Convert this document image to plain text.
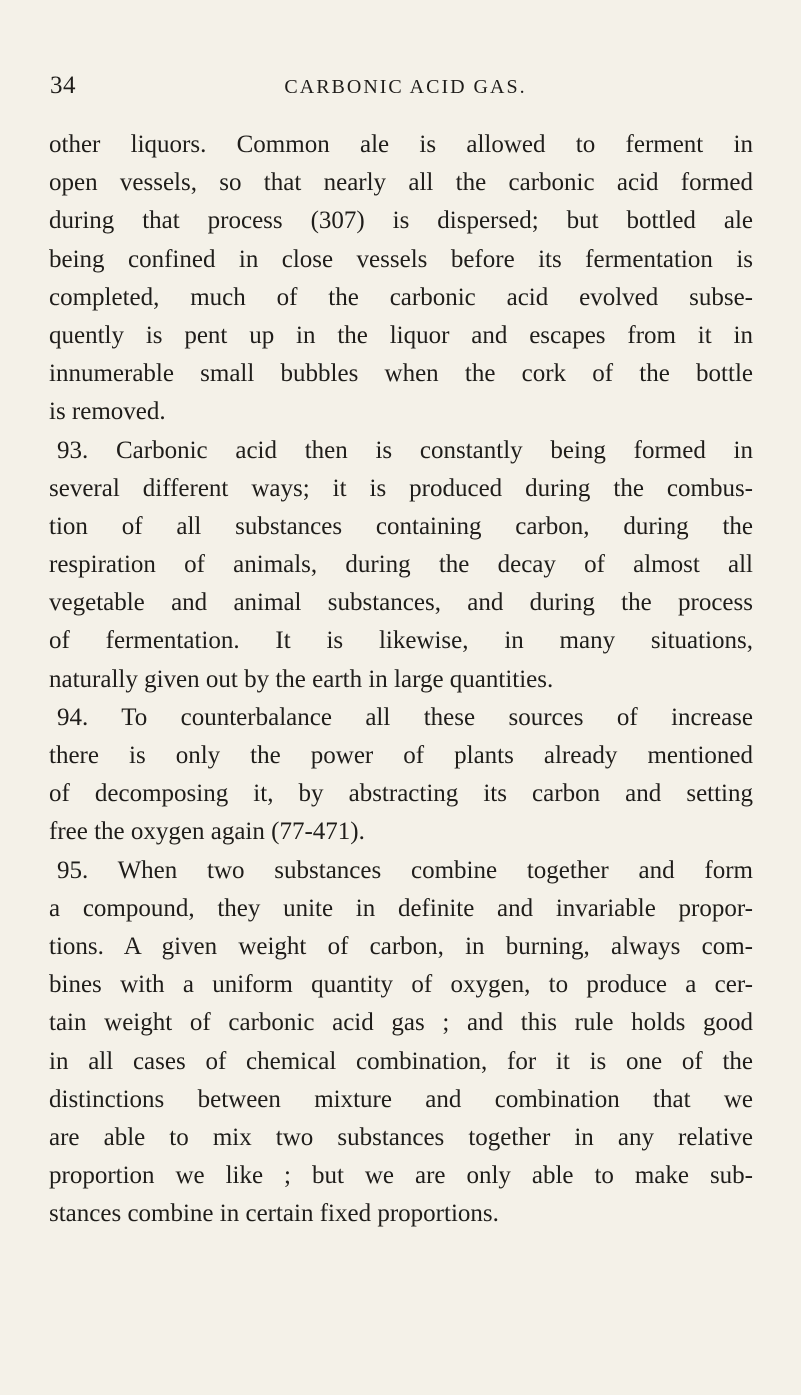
34	CARBONIC ACID GAS.
other liquors. Common ale is allowed to ferment in
open vessels, so that nearly all the carbonic acid formed
during that process (307) is dispersed; but bottled ale
being confined in close vessels before its fermentation is
completed, much of the carbonic acid evolved subse-
quently is pent up in the liquor and escapes from it in
innumerable small bubbles when the cork of the bottle
is removed.
93. Carbonic acid then is constantly being formed in
several different ways; it is produced during the combus-
tion of all substances containing carbon, during the
respiration of animals, during the decay of almost all
vegetable and animal substances, and during the process
of fermentation. It is likewise, in many situations,
naturally given out by the earth in large quantities.
94. To counterbalance all these sources of increase
there is only the power of plants already mentioned
of decomposing it, by abstracting its carbon and setting
free the oxygen again (77-471).
95. When two substances combine together and form
a compound, they unite in definite and invariable propor-
tions. A given weight of carbon, in burning, always com-
bines with a uniform quantity of oxygen, to produce a cer-
tain weight of carbonic acid gas ; and this rule holds good
in all cases of chemical combination, for it is one of the
distinctions between mixture and combination that we
are able to mix two substances together in any relative
proportion we like ; but we are only able to make sub-
stances combine in certain fixed proportions.
